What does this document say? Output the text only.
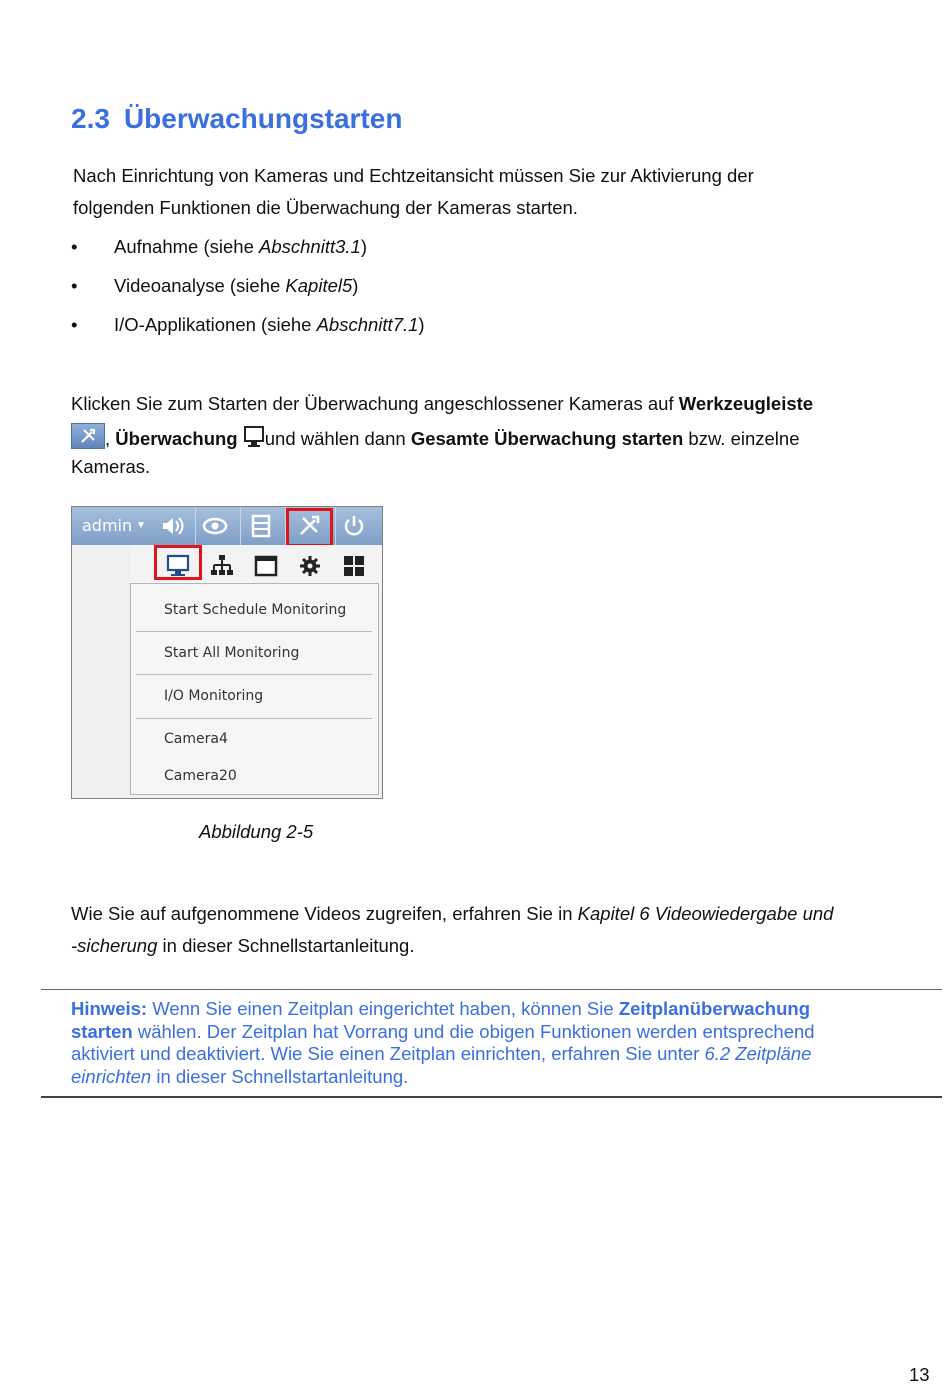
2.3 Überwachungstarten
Nach Einrichtung von Kameras und Echtzeitansicht müssen Sie zur Aktivierung der
folgenden Funktionen die Überwachung der Kameras starten.
• Aufnahme (siehe Abschnitt3.1)
• Videoanalyse (siehe Kapitel5)
• I/O-Applikationen (siehe Abschnitt7.1)
Klicken Sie zum Starten der Überwachung angeschlossener Kameras auf Werkzeugleiste
, Überwachung und wählen dann Gesamte Überwachung starten bzw. einzelne
Kameras.
admin ▼
Start Schedule Monitoring
Start All Monitoring
I/O Monitoring
Camera4
Camera20
Abbildung 2-5
Wie Sie auf aufgenommene Videos zugreifen, erfahren Sie in Kapitel 6 Videowiedergabe und
-sicherung in dieser Schnellstartanleitung.
Hinweis: Wenn Sie einen Zeitplan eingerichtet haben, können Sie Zeitplanüberwachung starten wählen. Der Zeitplan hat Vorrang und die obigen Funktionen werden entsprechend aktiviert und deaktiviert. Wie Sie einen Zeitplan einrichten, erfahren Sie unter 6.2 Zeitpläne einrichten in dieser Schnellstartanleitung.
13
